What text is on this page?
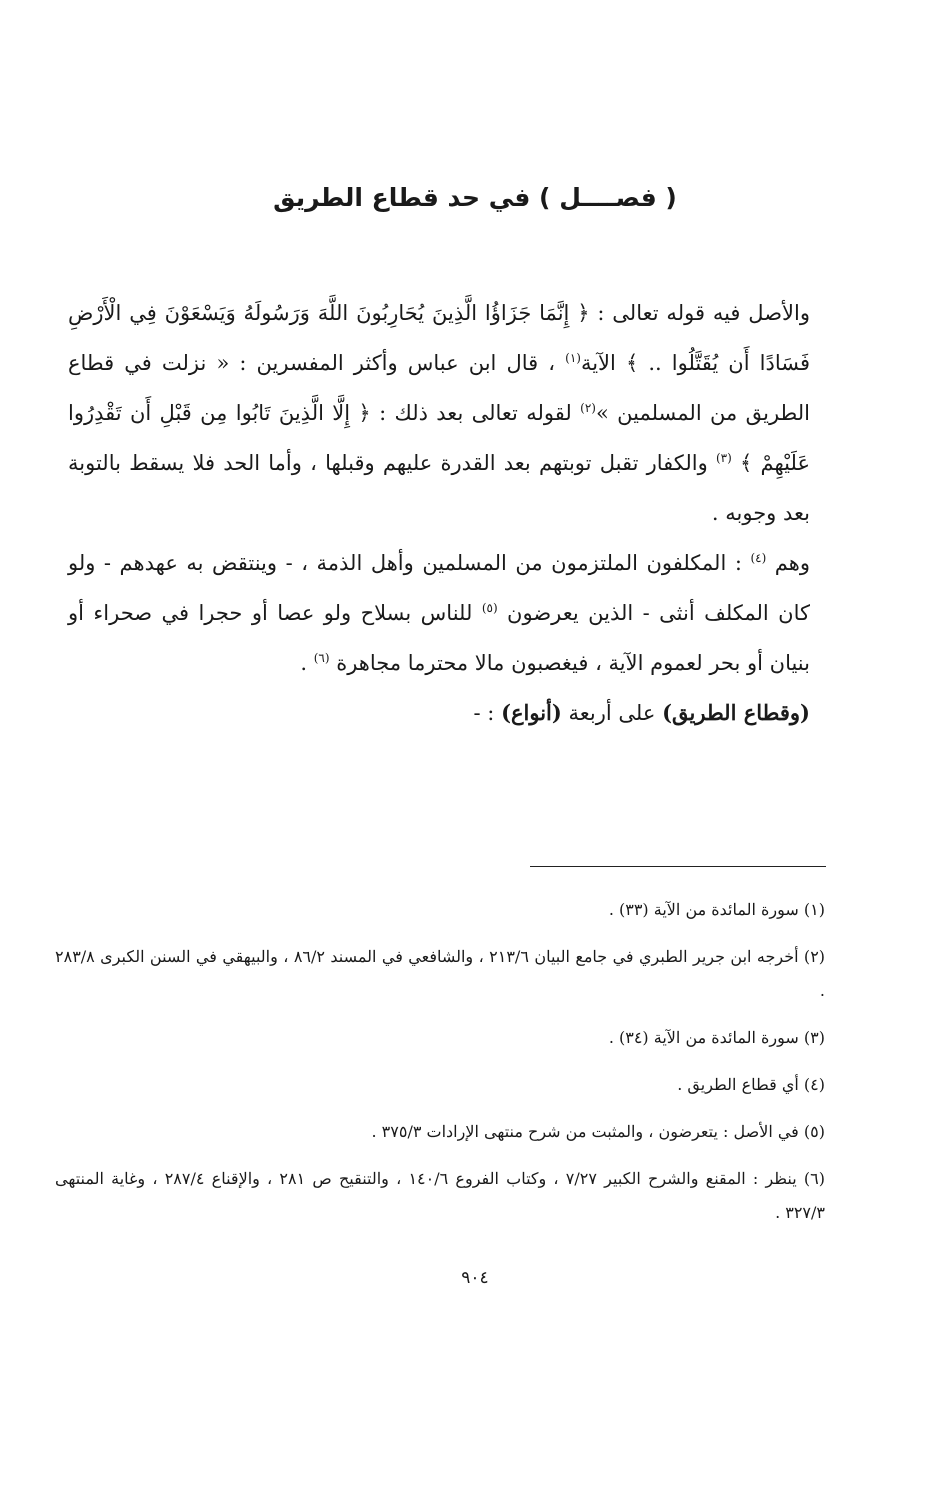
( فصــــل ) في حد قطاع الطريق

والأصل فيه قوله تعالى : ﴿ إِنَّمَا جَزَاؤُا الَّذِينَ يُحَارِبُونَ اللَّهَ وَرَسُولَهُ وَيَسْعَوْنَ فِي الْأَرْضِ فَسَادًا أَن يُقَتَّلُوا .. ﴾ الآية$^{(١)}$ ، قال ابن عباس وأكثر المفسرين : « نزلت في قطاع الطريق من المسلمين »$^{(٢)}$ لقوله تعالى بعد ذلك : ﴿ إِلَّا الَّذِينَ تَابُوا مِن قَبْلِ أَن تَقْدِرُوا عَلَيْهِمْ ﴾ $^{(٣)}$ والكفار تقبل توبتهم بعد القدرة عليهم وقبلها ، وأما الحد فلا يسقط بالتوبة بعد وجوبه .

وهم $^{(٤)}$ : المكلفون الملتزمون من المسلمين وأهل الذمة ، - وينتقض به عهدهم - ولو كان المكلف أنثى - الذين يعرضون $^{(٥)}$ للناس بسلاح ولو عصا أو حجرا في صحراء أو بنيان أو بحر لعموم الآية ، فيغصبون مالا محترما مجاهرة $^{(٦)}$ .

(وقطاع الطريق) على أربعة (أنواع) : -

(١) سورة المائدة من الآية (٣٣) .

(٢) أخرجه ابن جرير الطبري في جامع البيان ٢١٣/٦ ، والشافعي في المسند ٨٦/٢ ، والبيهقي في السنن الكبرى ٢٨٣/٨ .

(٣) سورة المائدة من الآية (٣٤) .

(٤) أي قطاع الطريق .

(٥) في الأصل : يتعرضون ، والمثبت من شرح منتهى الإرادات ٣٧٥/٣ .

(٦) ينظر : المقنع والشرح الكبير ٧/٢٧ ، وكتاب الفروع ١٤٠/٦ ، والتنقيح ص ٢٨١ ، والإقناع ٢٨٧/٤ ، وغاية المنتهى ٣٢٧/٣ .

٩٠٤
